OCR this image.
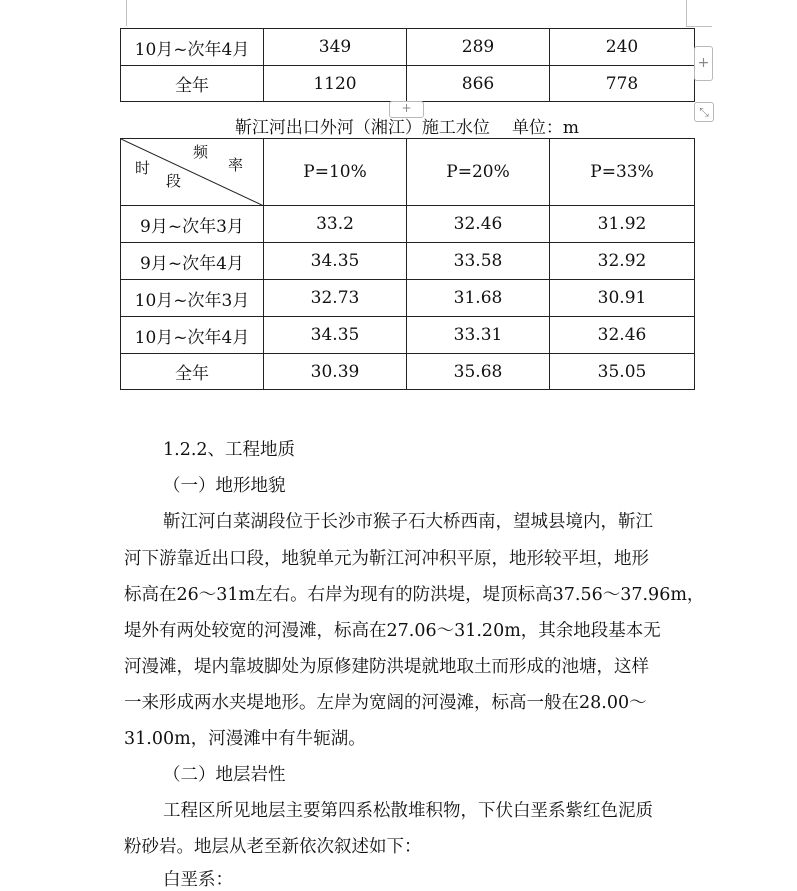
10月~次年4月	349	289	240
全年	1120	866	778
+
+	⤡
靳江河出口外河（湘江）施工水位 单位：m
频
率
时
段	P=10%	P=20%	P=33%
9月~次年3月	33.2	32.46	31.92
9月~次年4月	34.35	33.58	32.92
10月~次年3月	32.73	31.68	30.91
10月~次年4月	34.35	33.31	32.46
全年	30.39	35.68	35.05

1.2.2、工程地质

（一）地形地貌

靳江河白菜湖段位于长沙市猴子石大桥西南，望城县境内，靳江

河下游靠近出口段，地貌单元为靳江河冲积平原，地形较平坦，地形

标高在26～31m左右。右岸为现有的防洪堤，堤顶标高37.56～37.96m，

堤外有两处较宽的河漫滩，标高在27.06～31.20m，其余地段基本无

河漫滩，堤内靠坡脚处为原修建防洪堤就地取土而形成的池塘，这样

一来形成两水夹堤地形。左岸为宽阔的河漫滩，标高一般在28.00～

31.00m，河漫滩中有牛轭湖。

（二）地层岩性

工程区所见地层主要第四系松散堆积物，下伏白垩系紫红色泥质

粉砂岩。地层从老至新依次叙述如下：

白垩系：
